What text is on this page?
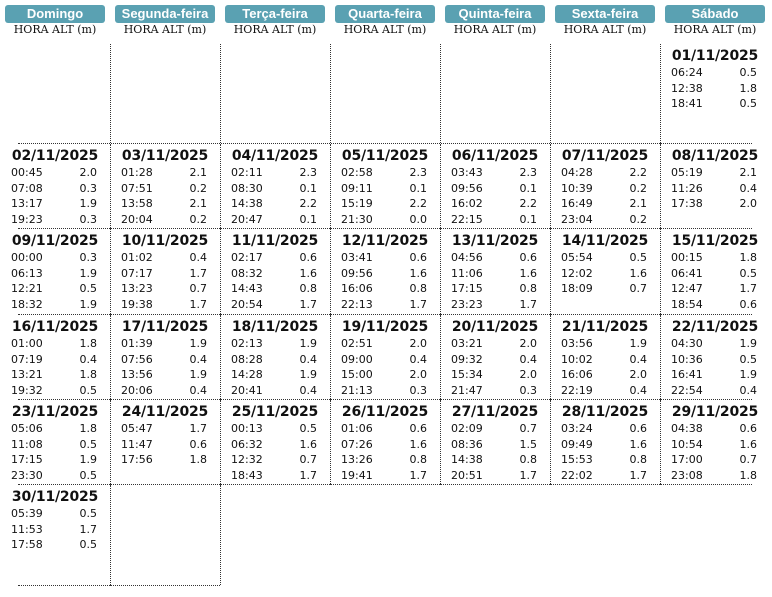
Domingo
HORA ALT (m)
Segunda-feira
HORA ALT (m)
Terça-feira
HORA ALT (m)
Quarta-feira
HORA ALT (m)
Quinta-feira
HORA ALT (m)
Sexta-feira
HORA ALT (m)
Sábado
HORA ALT (m)
01/11/2025
06:24	0.5
12:38	1.8
18:41	0.5
02/11/2025
00:45	2.0
07:08	0.3
13:17	1.9
19:23	0.3
03/11/2025
01:28	2.1
07:51	0.2
13:58	2.1
20:04	0.2
04/11/2025
02:11	2.3
08:30	0.1
14:38	2.2
20:47	0.1
05/11/2025
02:58	2.3
09:11	0.1
15:19	2.2
21:30	0.0
06/11/2025
03:43	2.3
09:56	0.1
16:02	2.2
22:15	0.1
07/11/2025
04:28	2.2
10:39	0.2
16:49	2.1
23:04	0.2
08/11/2025
05:19	2.1
11:26	0.4
17:38	2.0
09/11/2025
00:00	0.3
06:13	1.9
12:21	0.5
18:32	1.9
10/11/2025
01:02	0.4
07:17	1.7
13:23	0.7
19:38	1.7
11/11/2025
02:17	0.6
08:32	1.6
14:43	0.8
20:54	1.7
12/11/2025
03:41	0.6
09:56	1.6
16:06	0.8
22:13	1.7
13/11/2025
04:56	0.6
11:06	1.6
17:15	0.8
23:23	1.7
14/11/2025
05:54	0.5
12:02	1.6
18:09	0.7
15/11/2025
00:15	1.8
06:41	0.5
12:47	1.7
18:54	0.6
16/11/2025
01:00	1.8
07:19	0.4
13:21	1.8
19:32	0.5
17/11/2025
01:39	1.9
07:56	0.4
13:56	1.9
20:06	0.4
18/11/2025
02:13	1.9
08:28	0.4
14:28	1.9
20:41	0.4
19/11/2025
02:51	2.0
09:00	0.4
15:00	2.0
21:13	0.3
20/11/2025
03:21	2.0
09:32	0.4
15:34	2.0
21:47	0.3
21/11/2025
03:56	1.9
10:02	0.4
16:06	2.0
22:19	0.4
22/11/2025
04:30	1.9
10:36	0.5
16:41	1.9
22:54	0.4
23/11/2025
05:06	1.8
11:08	0.5
17:15	1.9
23:30	0.5
24/11/2025
05:47	1.7
11:47	0.6
17:56	1.8
25/11/2025
00:13	0.5
06:32	1.6
12:32	0.7
18:43	1.7
26/11/2025
01:06	0.6
07:26	1.6
13:26	0.8
19:41	1.7
27/11/2025
02:09	0.7
08:36	1.5
14:38	0.8
20:51	1.7
28/11/2025
03:24	0.6
09:49	1.6
15:53	0.8
22:02	1.7
29/11/2025
04:38	0.6
10:54	1.6
17:00	0.7
23:08	1.8
30/11/2025
05:39	0.5
11:53	1.7
17:58	0.5
